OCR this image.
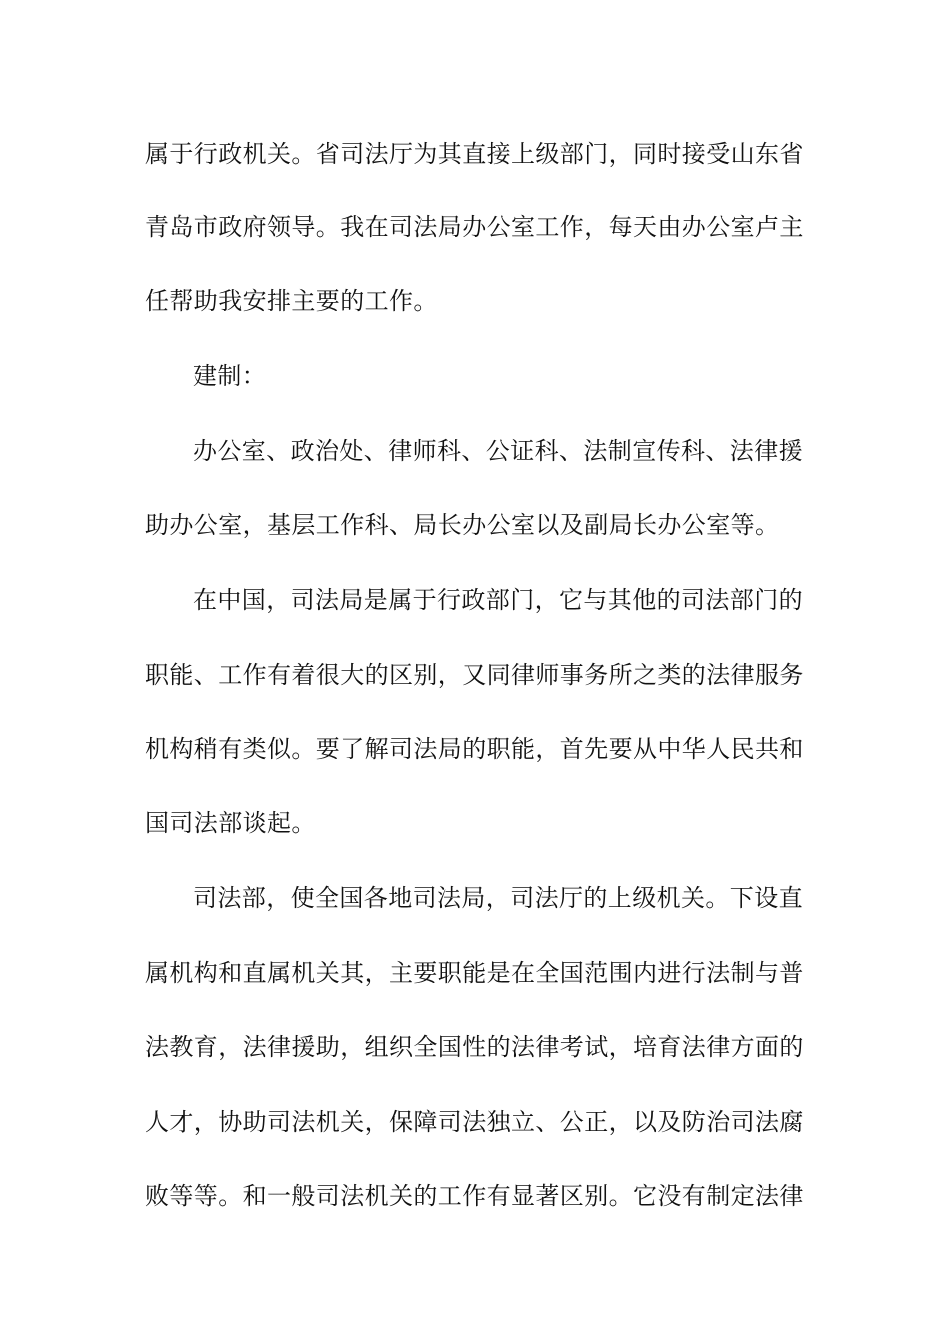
属于行政机关。省司法厅为其直接上级部门，同时接受山东省
青岛市政府领导。我在司法局办公室工作，每天由办公室卢主
任帮助我安排主要的工作。
建制：
办公室、政治处、律师科、公证科、法制宣传科、法律援
助办公室，基层工作科、局长办公室以及副局长办公室等。
在中国，司法局是属于行政部门，它与其他的司法部门的
职能、工作有着很大的区别，又同律师事务所之类的法律服务
机构稍有类似。要了解司法局的职能，首先要从中华人民共和
国司法部谈起。
司法部，使全国各地司法局，司法厅的上级机关。下设直
属机构和直属机关其，主要职能是在全国范围内进行法制与普
法教育，法律援助，组织全国性的法律考试，培育法律方面的
人才，协助司法机关，保障司法独立、公正，以及防治司法腐
败等等。和一般司法机关的工作有显著区别。它没有制定法律
